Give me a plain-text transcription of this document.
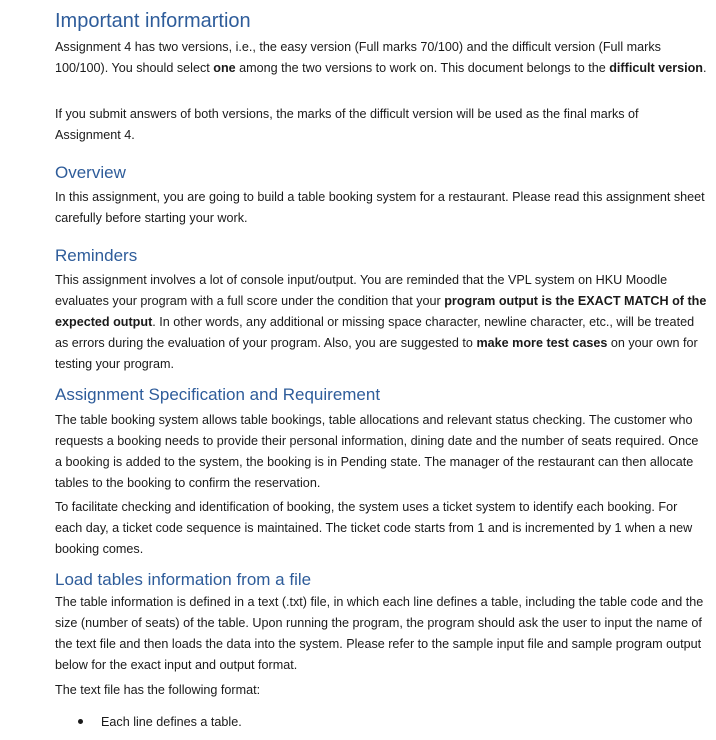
Important informartion

Assignment 4 has two versions, i.e., the easy version (Full marks 70/100) and the difficult version (Full marks 100/100). You should select one among the two versions to work on. This document belongs to the difficult version.

If you submit answers of both versions, the marks of the difficult version will be used as the final marks of Assignment 4.

Overview

In this assignment, you are going to build a table booking system for a restaurant. Please read this assignment sheet carefully before starting your work.

Reminders

This assignment involves a lot of console input/output. You are reminded that the VPL system on HKU Moodle evaluates your program with a full score under the condition that your program output is the EXACT MATCH of the expected output. In other words, any additional or missing space character, newline character, etc., will be treated as errors during the evaluation of your program. Also, you are suggested to make more test cases on your own for testing your program.

Assignment Specification and Requirement

The table booking system allows table bookings, table allocations and relevant status checking. The customer who requests a booking needs to provide their personal information, dining date and the number of seats required. Once a booking is added to the system, the booking is in Pending state. The manager of the restaurant can then allocate tables to the booking to confirm the reservation.

To facilitate checking and identification of booking, the system uses a ticket system to identify each booking. For each day, a ticket code sequence is maintained. The ticket code starts from 1 and is incremented by 1 when a new booking comes.

Load tables information from a file

The table information is defined in a text (.txt) file, in which each line defines a table, including the table code and the size (number of seats) of the table. Upon running the program, the program should ask the user to input the name of the text file and then loads the data into the system. Please refer to the sample input file and sample program output below for the exact input and output format.

The text file has the following format:

Each line defines a table.
